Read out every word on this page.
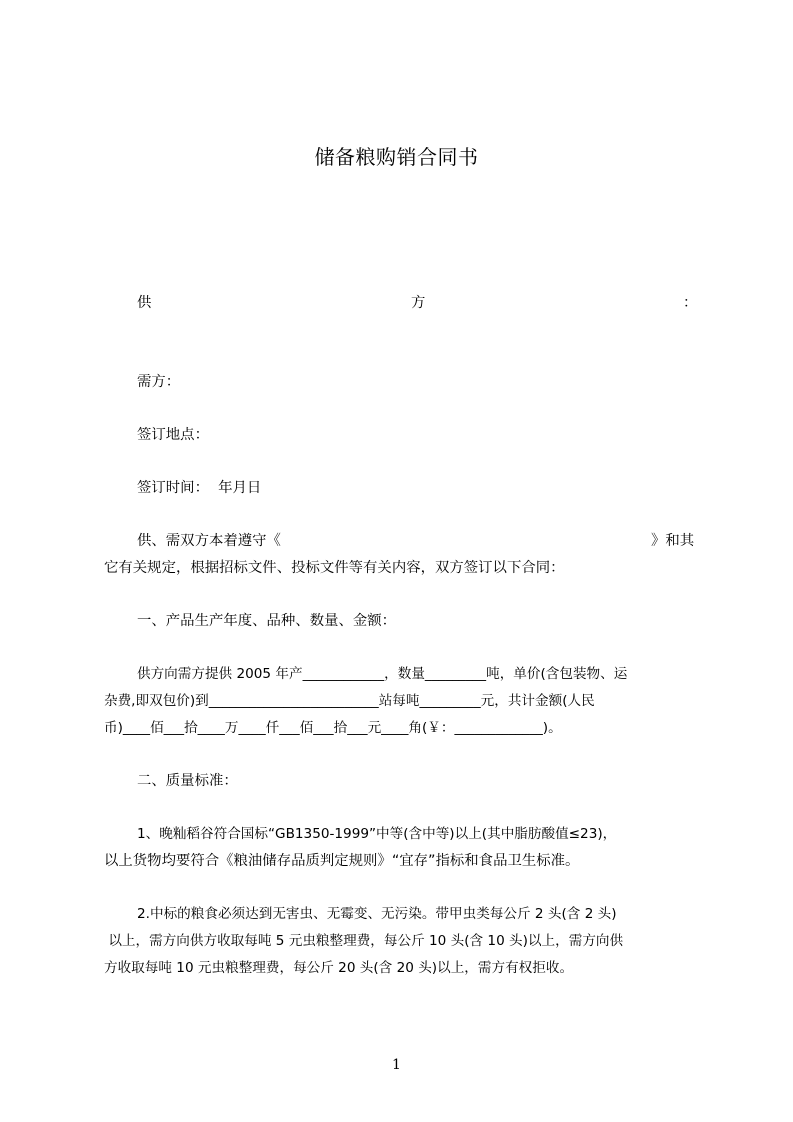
储备粮购销合同书
供	方	：
需方：
签订地点：
签订时间：  年月日
供、需双方本着遵守《	》和其
它有关规定，根据招标文件、投标文件等有关内容，双方签订以下合同：
一、产品生产年度、品种、数量、金额：
供方向需方提供 2005 年产____________，数量_________吨，单价(含包装物、运
杂费,即双包价)到_________________________站每吨_________元，共计金额(人民
币)____佰___拾____万____仟___佰___拾___元____角(￥：_____________)。
二、质量标准：
1、晚籼稻谷符合国标“GB1350-1999”中等(含中等)以上(其中脂肪酸值≤23)，
以上货物均要符合《粮油储存品质判定规则》“宜存”指标和食品卫生标准。
2.中标的粮食必须达到无害虫、无霉变、无污染。带甲虫类每公斤 2 头(含 2 头)
以上，需方向供方收取每吨 5 元虫粮整理费，每公斤 10 头(含 10 头)以上，需方向供
方收取每吨 10 元虫粮整理费，每公斤 20 头(含 20 头)以上，需方有权拒收。
1
